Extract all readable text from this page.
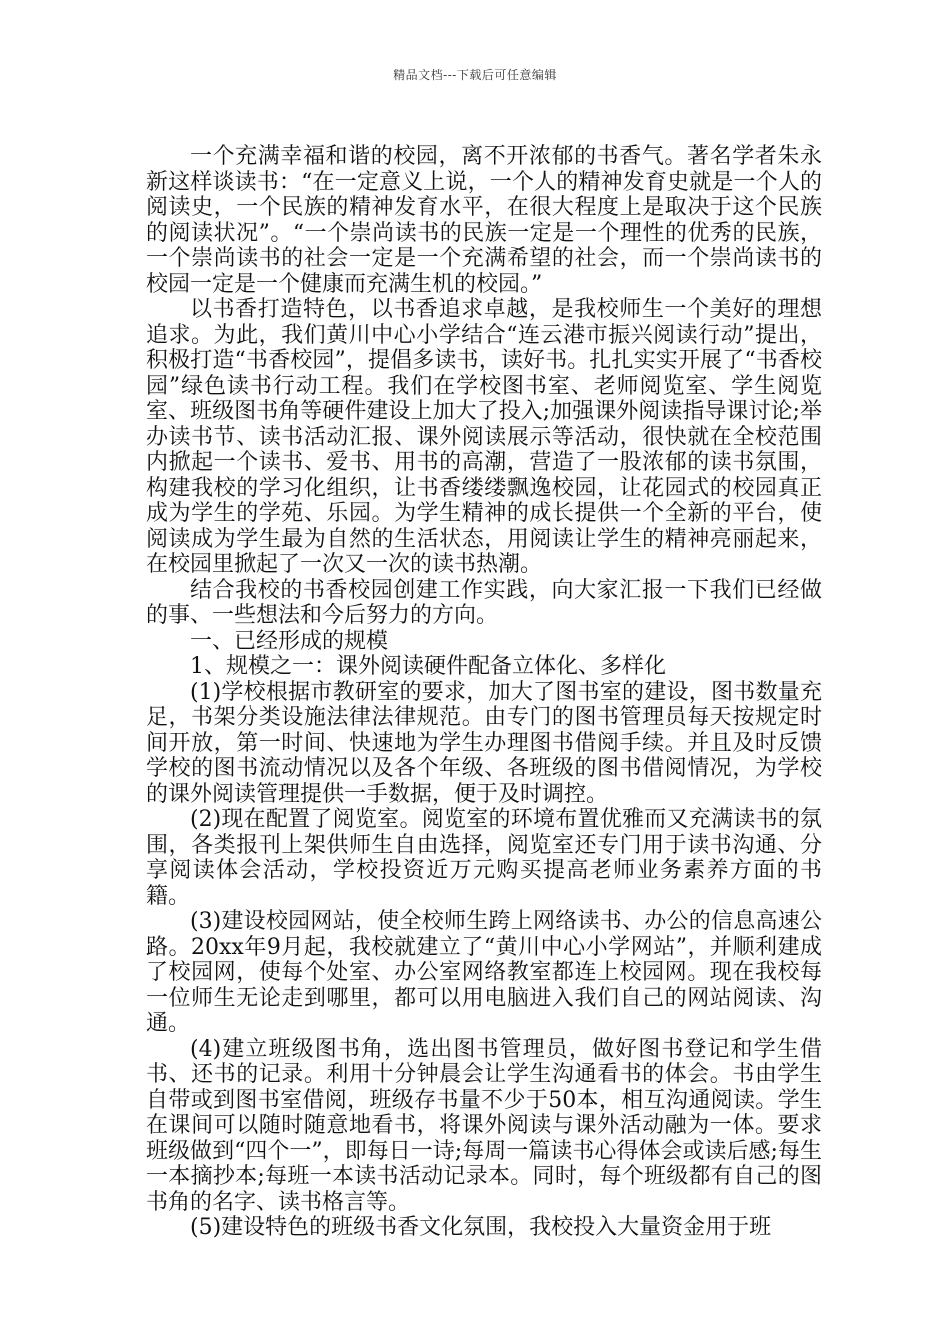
精品文档---下载后可任意编辑

一个充满幸福和谐的校园，离不开浓郁的书香气。著名学者朱永新这样谈读书：“在一定意义上说，一个人的精神发育史就是一个人的阅读史，一个民族的精神发育水平，在很大程度上是取决于这个民族的阅读状况”。“一个崇尚读书的民族一定是一个理性的优秀的民族，一个崇尚读书的社会一定是一个充满希望的社会，而一个崇尚读书的校园一定是一个健康而充满生机的校园。”

以书香打造特色，以书香追求卓越，是我校师生一个美好的理想追求。为此，我们黄川中心小学结合“连云港市振兴阅读行动”提出，积极打造“书香校园”，提倡多读书，读好书。扎扎实实开展了“书香校园”绿色读书行动工程。我们在学校图书室、老师阅览室、学生阅览室、班级图书角等硬件建设上加大了投入;加强课外阅读指导课讨论;举办读书节、读书活动汇报、课外阅读展示等活动，很快就在全校范围内掀起一个读书、爱书、用书的高潮，营造了一股浓郁的读书氛围，构建我校的学习化组织，让书香缕缕飘逸校园，让花园式的校园真正成为学生的学苑、乐园。为学生精神的成长提供一个全新的平台，使阅读成为学生最为自然的生活状态，用阅读让学生的精神亮丽起来，在校园里掀起了一次又一次的读书热潮。

结合我校的书香校园创建工作实践，向大家汇报一下我们已经做的事、一些想法和今后努力的方向。

一、已经形成的规模

1、规模之一：课外阅读硬件配备立体化、多样化

(1)学校根据市教研室的要求，加大了图书室的建设，图书数量充足，书架分类设施法律法律规范。由专门的图书管理员每天按规定时间开放，第一时间、快速地为学生办理图书借阅手续。并且及时反馈学校的图书流动情况以及各个年级、各班级的图书借阅情况，为学校的课外阅读管理提供一手数据，便于及时调控。

(2)现在配置了阅览室。阅览室的环境布置优雅而又充满读书的氛围，各类报刊上架供师生自由选择，阅览室还专门用于读书沟通、分享阅读体会活动，学校投资近万元购买提高老师业务素养方面的书籍。

(3)建设校园网站，使全校师生跨上网络读书、办公的信息高速公路。20xx年9月起，我校就建立了“黄川中心小学网站”，并顺利建成了校园网，使每个处室、办公室网络教室都连上校园网。现在我校每一位师生无论走到哪里，都可以用电脑进入我们自己的网站阅读、沟通。

(4)建立班级图书角，选出图书管理员，做好图书登记和学生借书、还书的记录。利用十分钟晨会让学生沟通看书的体会。书由学生自带或到图书室借阅，班级存书量不少于50本，相互沟通阅读。学生在课间可以随时随意地看书，将课外阅读与课外活动融为一体。要求班级做到“四个一”，即每日一诗;每周一篇读书心得体会或读后感;每生一本摘抄本;每班一本读书活动记录本。同时，每个班级都有自己的图书角的名字、读书格言等。

(5)建设特色的班级书香文化氛围，我校投入大量资金用于班
